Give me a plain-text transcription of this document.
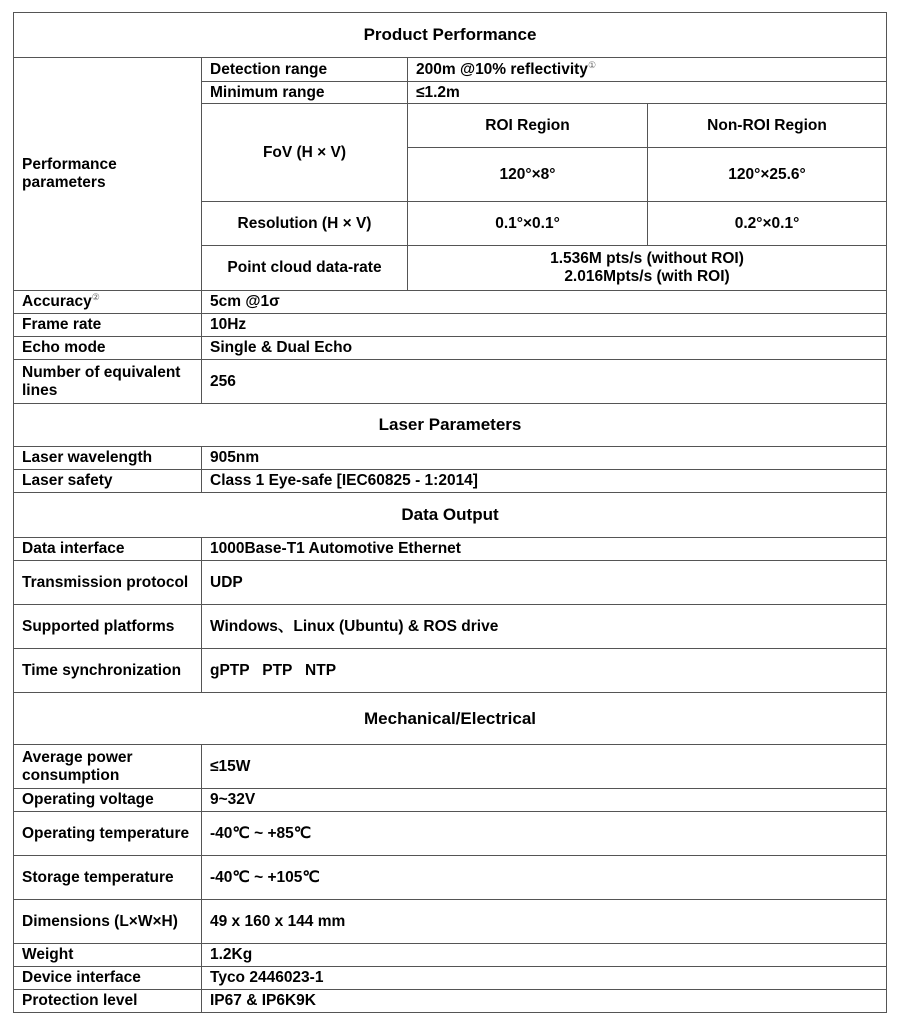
Product Performance			
Performance parameters	Detection range	200m @10% reflectivity①
	Minimum range	≤1.2m	
	FoV (H × V)	ROI Region	Non-ROI Region
		120°×8°	120°×25.6°
	Resolution (H × V)	0.1°×0.1°	0.2°×0.1°
	Point cloud data-rate	1.536M pts/s (without ROI)
2.016Mpts/s (with ROI)	

Accuracy②	5cm @1σ		
Frame rate	10Hz		
Echo mode	Single & Dual Echo		
Number of equivalent lines	256		
Laser Parameters			
Laser wavelength	905nm		
Laser safety	Class 1 Eye-safe [IEC60825 - 1:2014]		
Data Output			
Data interface	1000Base-T1 Automotive Ethernet		
Transmission protocol	UDP		
Supported platforms	Windows、Linux (Ubuntu) & ROS drive		
Time synchronization	gPTP   PTP   NTP		
Mechanical/Electrical			
Average power consumption	≤15W		
Operating voltage	9~32V		
Operating temperature	-40℃ ~ +85℃		
Storage temperature	-40℃ ~ +105℃		
Dimensions (L×W×H)	49 x 160 x 144 mm		
Weight	1.2Kg		
Device interface	Tyco 2446023-1		
Protection level	IP67 & IP6K9K		
